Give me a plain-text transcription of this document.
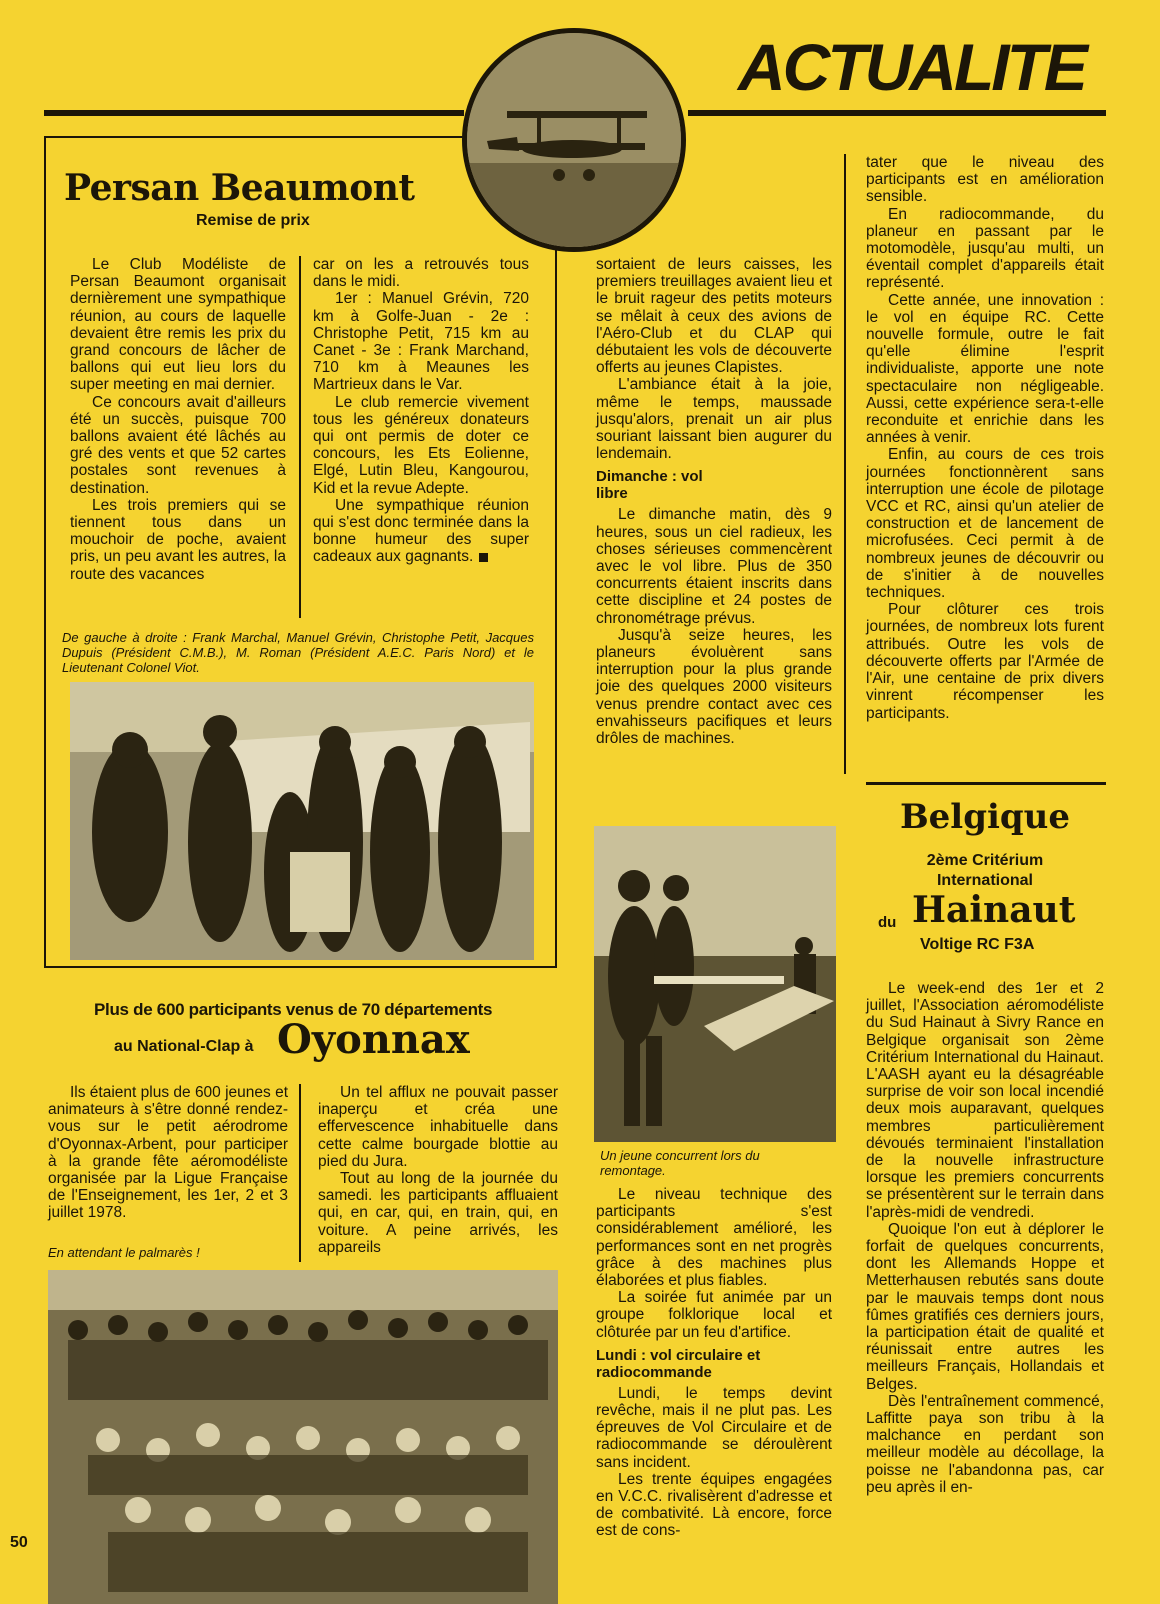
ACTUALITE
Persan Beaumont
Remise de prix

Le Club Modéliste de Persan Beaumont organisait dernièrement une sympathique réunion, au cours de laquelle devaient être remis les prix du grand concours de lâcher de ballons qui eut lieu lors du super meeting en mai dernier.

Ce concours avait d'ailleurs été un succès, puisque 700 ballons avaient été lâchés au gré des vents et que 52 cartes postales sont revenues à destination.

Les trois premiers qui se tiennent tous dans un mouchoir de poche, avaient pris, un peu avant les autres, la route des vacances

car on les a retrouvés tous dans le midi.

1er : Manuel Grévin, 720 km à Golfe-Juan - 2e : Christophe Petit, 715 km au Canet - 3e : Frank Marchand, 710 km à Meaunes les Martrieux dans le Var.

Le club remercie vivement tous les généreux donateurs qui ont permis de doter ce concours, les Ets Eolienne, Elgé, Lutin Bleu, Kangourou, Kid et la revue Adepte.

Une sympathique réunion qui s'est donc terminée dans la bonne humeur des super cadeaux aux gagnants.

De gauche à droite : Frank Marchal, Manuel Grévin, Christophe Petit, Jacques Dupuis (Président C.M.B.), M. Roman (Président A.E.C. Paris Nord) et le Lieutenant Colonel Viot.
Plus de 600 participants venus de 70 départements
au National-Clap à Oyonnax

Ils étaient plus de 600 jeunes et animateurs à s'être donné rendez-vous sur le petit aérodrome d'Oyonnax-Arbent, pour participer à la grande fête aéromodéliste organisée par la Ligue Française de l'Enseignement, les 1er, 2 et 3 juillet 1978.

En attendant le palmarès !

Un tel afflux ne pouvait passer inaperçu et créa une effervescence inhabituelle dans cette calme bourgade blottie au pied du Jura.

Tout au long de la journée du samedi. les participants affluaient qui, en car, qui, en train, qui, en voiture. A peine arrivés, les appareils

sortaient de leurs caisses, les premiers treuillages avaient lieu et le bruit rageur des petits moteurs se mêlait à ceux des avions de l'Aéro-Club et du CLAP qui débutaient les vols de découverte offerts au jeunes Clapistes.

L'ambiance était à la joie, même le temps, maussade jusqu'alors, prenait un air plus souriant laissant bien augurer du lendemain.

Dimanche : vol libre

Le dimanche matin, dès 9 heures, sous un ciel radieux, les choses sérieuses commencèrent avec le vol libre. Plus de 350 concurrents étaient inscrits dans cette discipline et 24 postes de chronométrage prévus.

Jusqu'à seize heures, les planeurs évoluèrent sans interruption pour la plus grande joie des quelques 2000 visiteurs venus prendre contact avec ces envahisseurs pacifiques et leurs drôles de machines.

Un jeune concurrent lors du remontage.

Le niveau technique des participants s'est considérablement amélioré, les performances sont en net progrès grâce à des machines plus élaborées et plus fiables.

La soirée fut animée par un groupe folklorique local et clôturée par un feu d'artifice.

Lundi : vol circulaire et radiocommande

Lundi, le temps devint revêche, mais il ne plut pas. Les épreuves de Vol Circulaire et de radiocommande se déroulèrent sans incident.

Les trente équipes engagées en V.C.C. rivalisèrent d'adresse et de combativité. Là encore, force est de cons-

tater que le niveau des participants est en amélioration sensible.

En radiocommande, du planeur en passant par le motomodèle, jusqu'au multi, un éventail complet d'appareils était représenté.

Cette année, une innovation : le vol en équipe RC. Cette nouvelle formule, outre le fait qu'elle élimine l'esprit individualiste, apporte une note spectaculaire non négligeable. Aussi, cette expérience sera-t-elle reconduite et enrichie dans les années à venir.

Enfin, au cours de ces trois journées fonctionnèrent sans interruption une école de pilotage VCC et RC, ainsi qu'un atelier de construction et de lancement de microfusées. Ceci permit à de nombreux jeunes de découvrir ou de s'initier à de nouvelles techniques.

Pour clôturer ces trois journées, de nombreux lots furent attribués. Outre les vols de découverte offerts par l'Armée de l'Air, une centaine de prix divers vinrent récompenser les participants.

Belgique
2ème Critérium
International
du Hainaut
Voltige RC F3A

Le week-end des 1er et 2 juillet, l'Association aéromodéliste du Sud Hainaut à Sivry Rance en Belgique organisait son 2ème Critérium International du Hainaut. L'AASH ayant eu la désagréable surprise de voir son local incendié deux mois auparavant, quelques membres particulièrement dévoués terminaient l'installation de la nouvelle infrastructure lorsque les premiers concurrents se présentèrent sur le terrain dans l'après-midi de vendredi.

Quoique l'on eut à déplorer le forfait de quelques concurrents, dont les Allemands Hoppe et Metterhausen rebutés sans doute par le mauvais temps dont nous fûmes gratifiés ces derniers jours, la participation était de qualité et réunissait entre autres les meilleurs Français, Hollandais et Belges.

Dès l'entraînement commencé, Laffitte paya son tribu à la malchance en perdant son meilleur modèle au décollage, la poisse ne l'abandonna pas, car peu après il en-

50
